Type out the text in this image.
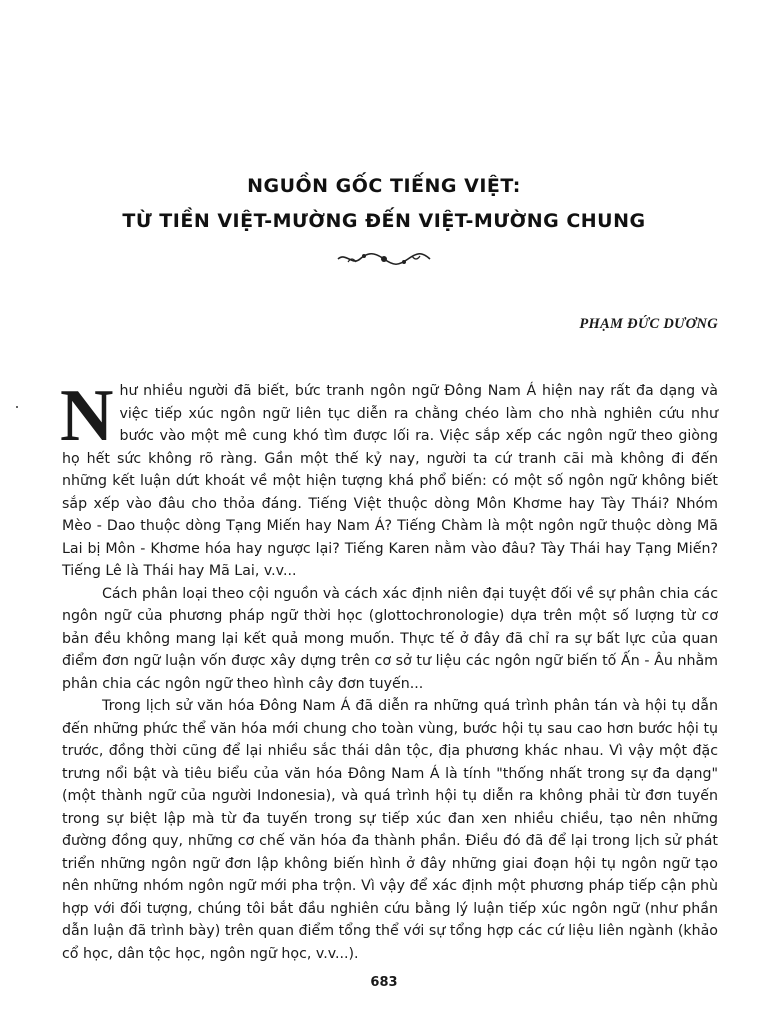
NGUỒN GỐC TIẾNG VIỆT:
TỪ TIỀN VIỆT-MƯỜNG ĐẾN VIỆT-MƯỜNG CHUNG
PHẠM ĐỨC DƯƠNG

Như nhiều người đã biết, bức tranh ngôn ngữ Đông Nam Á hiện nay rất đa dạng và việc tiếp xúc ngôn ngữ liên tục diễn ra chằng chéo làm cho nhà nghiên cứu như bước vào một mê cung khó tìm được lối ra. Việc sắp xếp các ngôn ngữ theo giòng họ hết sức không rõ ràng. Gần một thế kỷ nay, người ta cứ tranh cãi mà không đi đến những kết luận dứt khoát về một hiện tượng khá phổ biến: có một số ngôn ngữ không biết sắp xếp vào đâu cho thỏa đáng. Tiếng Việt thuộc dòng Môn Khơme hay Tày Thái? Nhóm Mèo - Dao thuộc dòng Tạng Miến hay Nam Á? Tiếng Chàm là một ngôn ngữ thuộc dòng Mã Lai bị Môn - Khơme hóa hay ngược lại? Tiếng Karen nằm vào đâu? Tày Thái hay Tạng Miến? Tiếng Lê là Thái hay Mã Lai, v.v...

Cách phân loại theo cội nguồn và cách xác định niên đại tuyệt đối về sự phân chia các ngôn ngữ của phương pháp ngữ thời học (glottochronologie) dựa trên một số lượng từ cơ bản đều không mang lại kết quả mong muốn. Thực tế ở đây đã chỉ ra sự bất lực của quan điểm đơn ngữ luận vốn được xây dựng trên cơ sở tư liệu các ngôn ngữ biến tố Ấn - Âu nhằm phân chia các ngôn ngữ theo hình cây đơn tuyến...

Trong lịch sử văn hóa Đông Nam Á đã diễn ra những quá trình phân tán và hội tụ dẫn đến những phức thể văn hóa mới chung cho toàn vùng, bước hội tụ sau cao hơn bước hội tụ trước, đồng thời cũng để lại nhiều sắc thái dân tộc, địa phương khác nhau. Vì vậy một đặc trưng nổi bật và tiêu biểu của văn hóa Đông Nam Á là tính "thống nhất trong sự đa dạng" (một thành ngữ của người Indonesia), và quá trình hội tụ diễn ra không phải từ đơn tuyến trong sự biệt lập mà từ đa tuyến trong sự tiếp xúc đan xen nhiều chiều, tạo nên những đường đồng quy, những cơ chế văn hóa đa thành phần. Điều đó đã để lại trong lịch sử phát triển những ngôn ngữ đơn lập không biến hình ở đây những giai đoạn hội tụ ngôn ngữ tạo nên những nhóm ngôn ngữ mới pha trộn. Vì vậy để xác định một phương pháp tiếp cận phù hợp với đối tượng, chúng tôi bắt đầu nghiên cứu bằng lý luận tiếp xúc ngôn ngữ (như phần dẫn luận đã trình bày) trên quan điểm tổng thể với sự tổng hợp các cứ liệu liên ngành (khảo cổ học, dân tộc học, ngôn ngữ học, v.v...).

683
